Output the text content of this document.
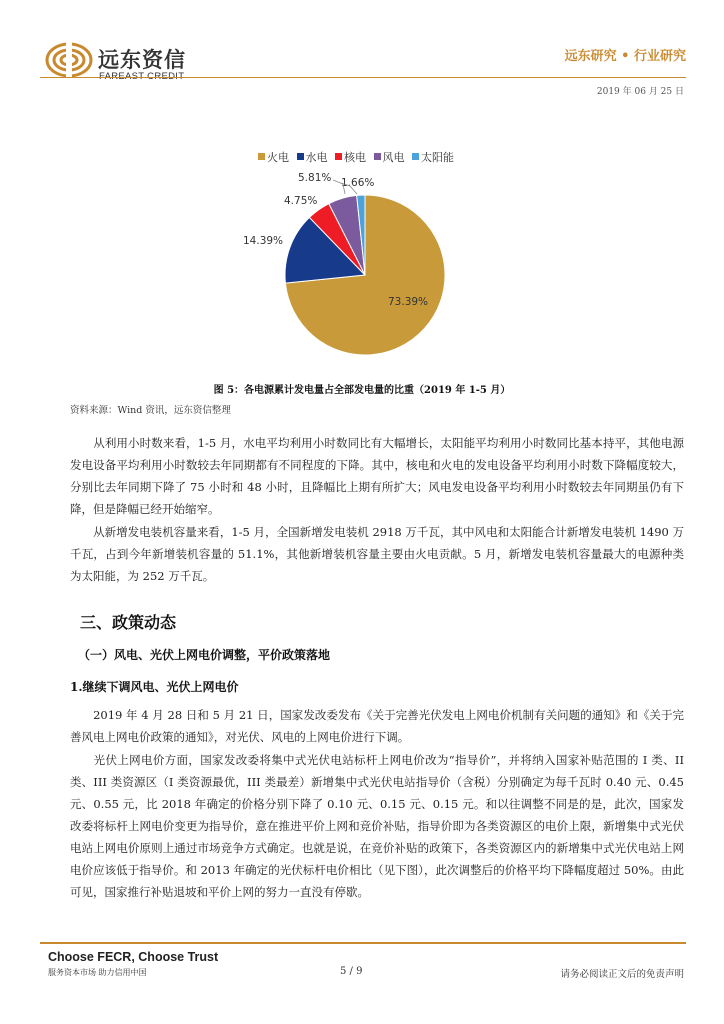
远东资信	远东研究 • 行业研究
2019 年 06 月 25 日
火电 水电 核电 风电 太阳能
73.39%
14.39%
4.75%
5.81% 1.66%
图 5：各电源累计发电量占全部发电量的比重（2019 年 1-5 月）
资料来源：Wind 资讯，远东资信整理
　　从利用小时数来看，1-5 月，水电平均利用小时数同比有大幅增长，太阳能平均利用小时数同比基本持平，其他电源发电设备平均利用小时数较去年同期都有不同程度的下降。其中，核电和火电的发电设备平均利用小时数下降幅度较大，分别比去年同期下降了 75 小时和 48 小时，且降幅比上期有所扩大；风电发电设备平均利用小时数较去年同期虽仍有下降，但是降幅已经开始缩窄。
　　从新增发电装机容量来看，1-5 月，全国新增发电装机 2918 万千瓦，其中风电和太阳能合计新增发电装机 1490 万千瓦，占到今年新增装机容量的 51.1%，其他新增装机容量主要由火电贡献。5 月，新增发电装机容量最大的电源种类为太阳能，为 252 万千瓦。
三、政策动态
（一）风电、光伏上网电价调整，平价政策落地
1.继续下调风电、光伏上网电价
　　2019 年 4 月 28 日和 5 月 21 日，国家发改委发布《关于完善光伏发电上网电价机制有关问题的通知》和《关于完善风电上网电价政策的通知》，对光伏、风电的上网电价进行下调。
　　光伏上网电价方面，国家发改委将集中式光伏电站标杆上网电价改为“指导价”，并将纳入国家补贴范围的 I 类、II 类、III 类资源区（I 类资源最优，III 类最差）新增集中式光伏电站指导价（含税）分别确定为每千瓦时 0.40 元、0.45 元、0.55 元，比 2018 年确定的价格分别下降了 0.10 元、0.15 元、0.15 元。和以往调整不同是的是，此次，国家发改委将标杆上网电价变更为指导价，意在推进平价上网和竞价补贴，指导价即为各类资源区的电价上限，新增集中式光伏电站上网电价原则上通过市场竞争方式确定。也就是说，在竞价补贴的政策下，各类资源区内的新增集中式光伏电站上网电价应该低于指导价。和 2013 年确定的光伏标杆电价相比（见下图），此次调整后的价格平均下降幅度超过 50%。由此可见，国家推行补贴退坡和平价上网的努力一直没有停歇。
Choose FECR, Choose Trust
服务资本市场 助力信用中国	5 / 9	请务必阅读正文后的免责声明
